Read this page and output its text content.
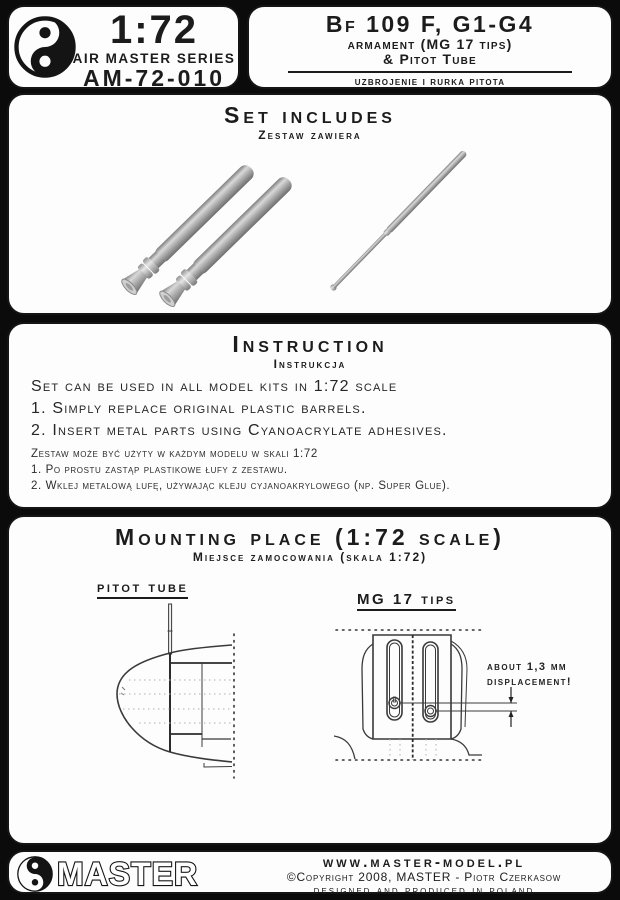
1:72
AIR MASTER SERIES
AM-72-010
Bf 109 F, G1-G4
armament (MG 17 tips)
& Pitot Tube
uzbrojenie i rurka pitota
Set includes
Zestaw zawiera
Instruction
Instrukcja
Set can be used in all model kits in 1:72 scale
1. Simply replace original plastic barrels.
2. Insert metal parts using Cyanoacrylate adhesives.
Zestaw może być użyty w każdym modelu w skali 1:72
1. Po prostu zastąp plastikowe łufy z zestawu.
2. Wklej metalową lufę, używając kleju cyjanoakrylowego (np. Super Glue).
Mounting place (1:72 scale)
Miejsce zamocowania (skala 1:72)
pitot tube
MG 17 tips
about 1,3 mm
displacement!
MASTER	www.master-model.pl
©Copyright 2008, MASTER - Piotr Czerkasow
designed and produced in poland
